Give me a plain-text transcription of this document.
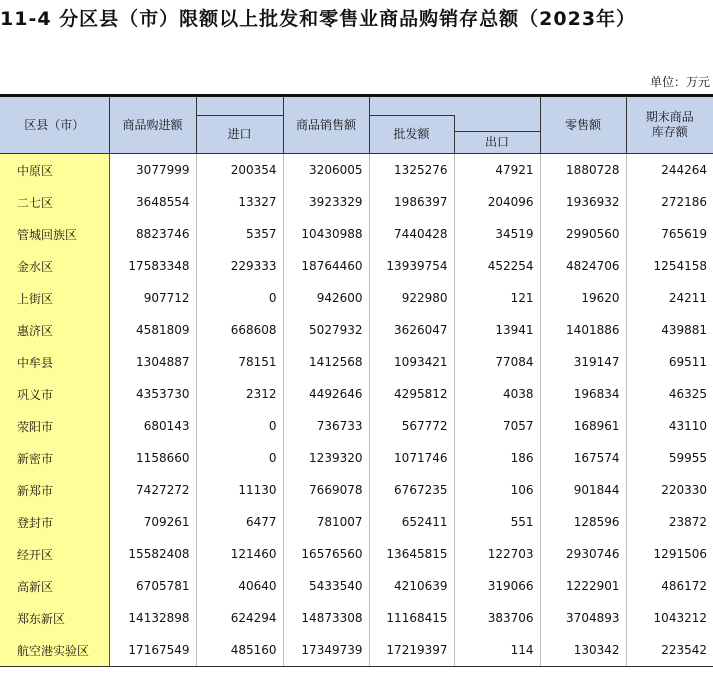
11-4 分区县（市）限额以上批发和零售业商品购销存总额（2023年）
单位：万元
区县（市）	商品购进额		商品销售额			零售额	期末商品
库存额
		进口		批发额			
					出口		
中原区	3077999	200354	3206005	1325276	47921	1880728	244264
二七区	3648554	13327	3923329	1986397	204096	1936932	272186
管城回族区	8823746	5357	10430988	7440428	34519	2990560	765619
金水区	17583348	229333	18764460	13939754	452254	4824706	1254158
上街区	907712	0	942600	922980	121	19620	24211
惠济区	4581809	668608	5027932	3626047	13941	1401886	439881
中牟县	1304887	78151	1412568	1093421	77084	319147	69511
巩义市	4353730	2312	4492646	4295812	4038	196834	46325
荥阳市	680143	0	736733	567772	7057	168961	43110
新密市	1158660	0	1239320	1071746	186	167574	59955
新郑市	7427272	11130	7669078	6767235	106	901844	220330
登封市	709261	6477	781007	652411	551	128596	23872
经开区	15582408	121460	16576560	13645815	122703	2930746	1291506
高新区	6705781	40640	5433540	4210639	319066	1222901	486172
郑东新区	14132898	624294	14873308	11168415	383706	3704893	1043212
航空港实验区	17167549	485160	17349739	17219397	114	130342	223542
